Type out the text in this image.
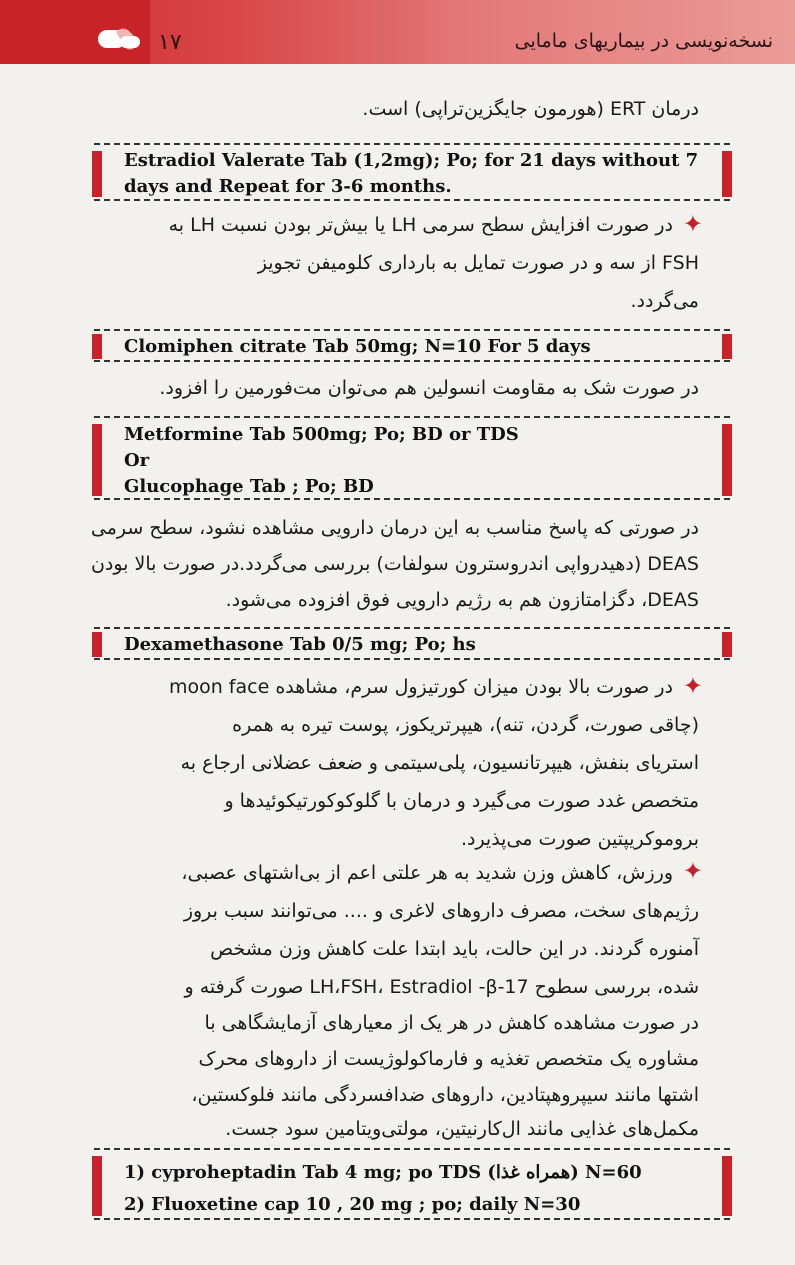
۱۷	نسخه‌نویسی در بیماریهای مامایی
درمان ERT (هورمون جایگزین‌تراپی) است.
Estradiol Valerate Tab (1,2mg); Po; for 21 days without 7
days and Repeat for 3-6 months.
✦
در صورت افزایش سطح سرمی LH یا بیش‌تر بودن نسبت LH به
FSH از سه و در صورت تمایل به بارداری کلومیفن تجویز
می‌گردد.
Clomiphen citrate Tab 50mg; N=10 For 5 days
در صورت شک به مقاومت انسولین هم می‌توان مت‌فورمین را افزود.
Metformine Tab 500mg; Po; BD or TDS
Or
Glucophage Tab ; Po; BD
در صورتی که پاسخ مناسب به این درمان دارویی مشاهده نشود، سطح سرمی
DEAS (دهیدرواپی اندروسترون سولفات) بررسی می‌گردد.در صورت بالا بودن
DEAS، دگزامتازون هم به رژیم دارویی فوق افزوده می‌شود.
Dexamethasone Tab 0/5 mg; Po; hs
✦
در صورت بالا بودن میزان کورتیزول سرم، مشاهده moon face
(چاقی صورت، گردن، تنه)، هیپرتریکوز، پوست تیره به همره
استریای بنفش، هیپرتانسیون، پلی‌سیتمی و ضعف عضلانی ارجاع به
متخصص غدد صورت می‌گیرد و درمان با گلوکوکورتیکوئیدها و
بروموکریپتین صورت می‌پذیرد.
✦
ورزش، کاهش وزن شدید به هر علتی اعم از بی‌اشتهای عصبی،
رژیم‌های سخت، مصرف داروهای لاغری و .... می‌توانند سبب بروز
آمنوره گردند. در این حالت، باید ابتدا علت کاهش وزن مشخص
شده، بررسی سطوح LH،FSH، Estradiol -β-17 صورت گرفته و
در صورت مشاهده کاهش در هر یک از معیارهای آزمایشگاهی با
مشاوره یک متخصص تغذیه و فارماکولوژیست از داروهای محرک
اشتها مانند سیپروهپتادین، داروهای ضدافسردگی مانند فلوکستین،
مکمل‌های غذایی مانند ال‌کارنیتین، مولتی‌ویتامین سود جست.
1) cyproheptadin Tab 4 mg; po TDS (همراه غذا) N=60
2) Fluoxetine cap 10 , 20 mg ; po; daily N=30
